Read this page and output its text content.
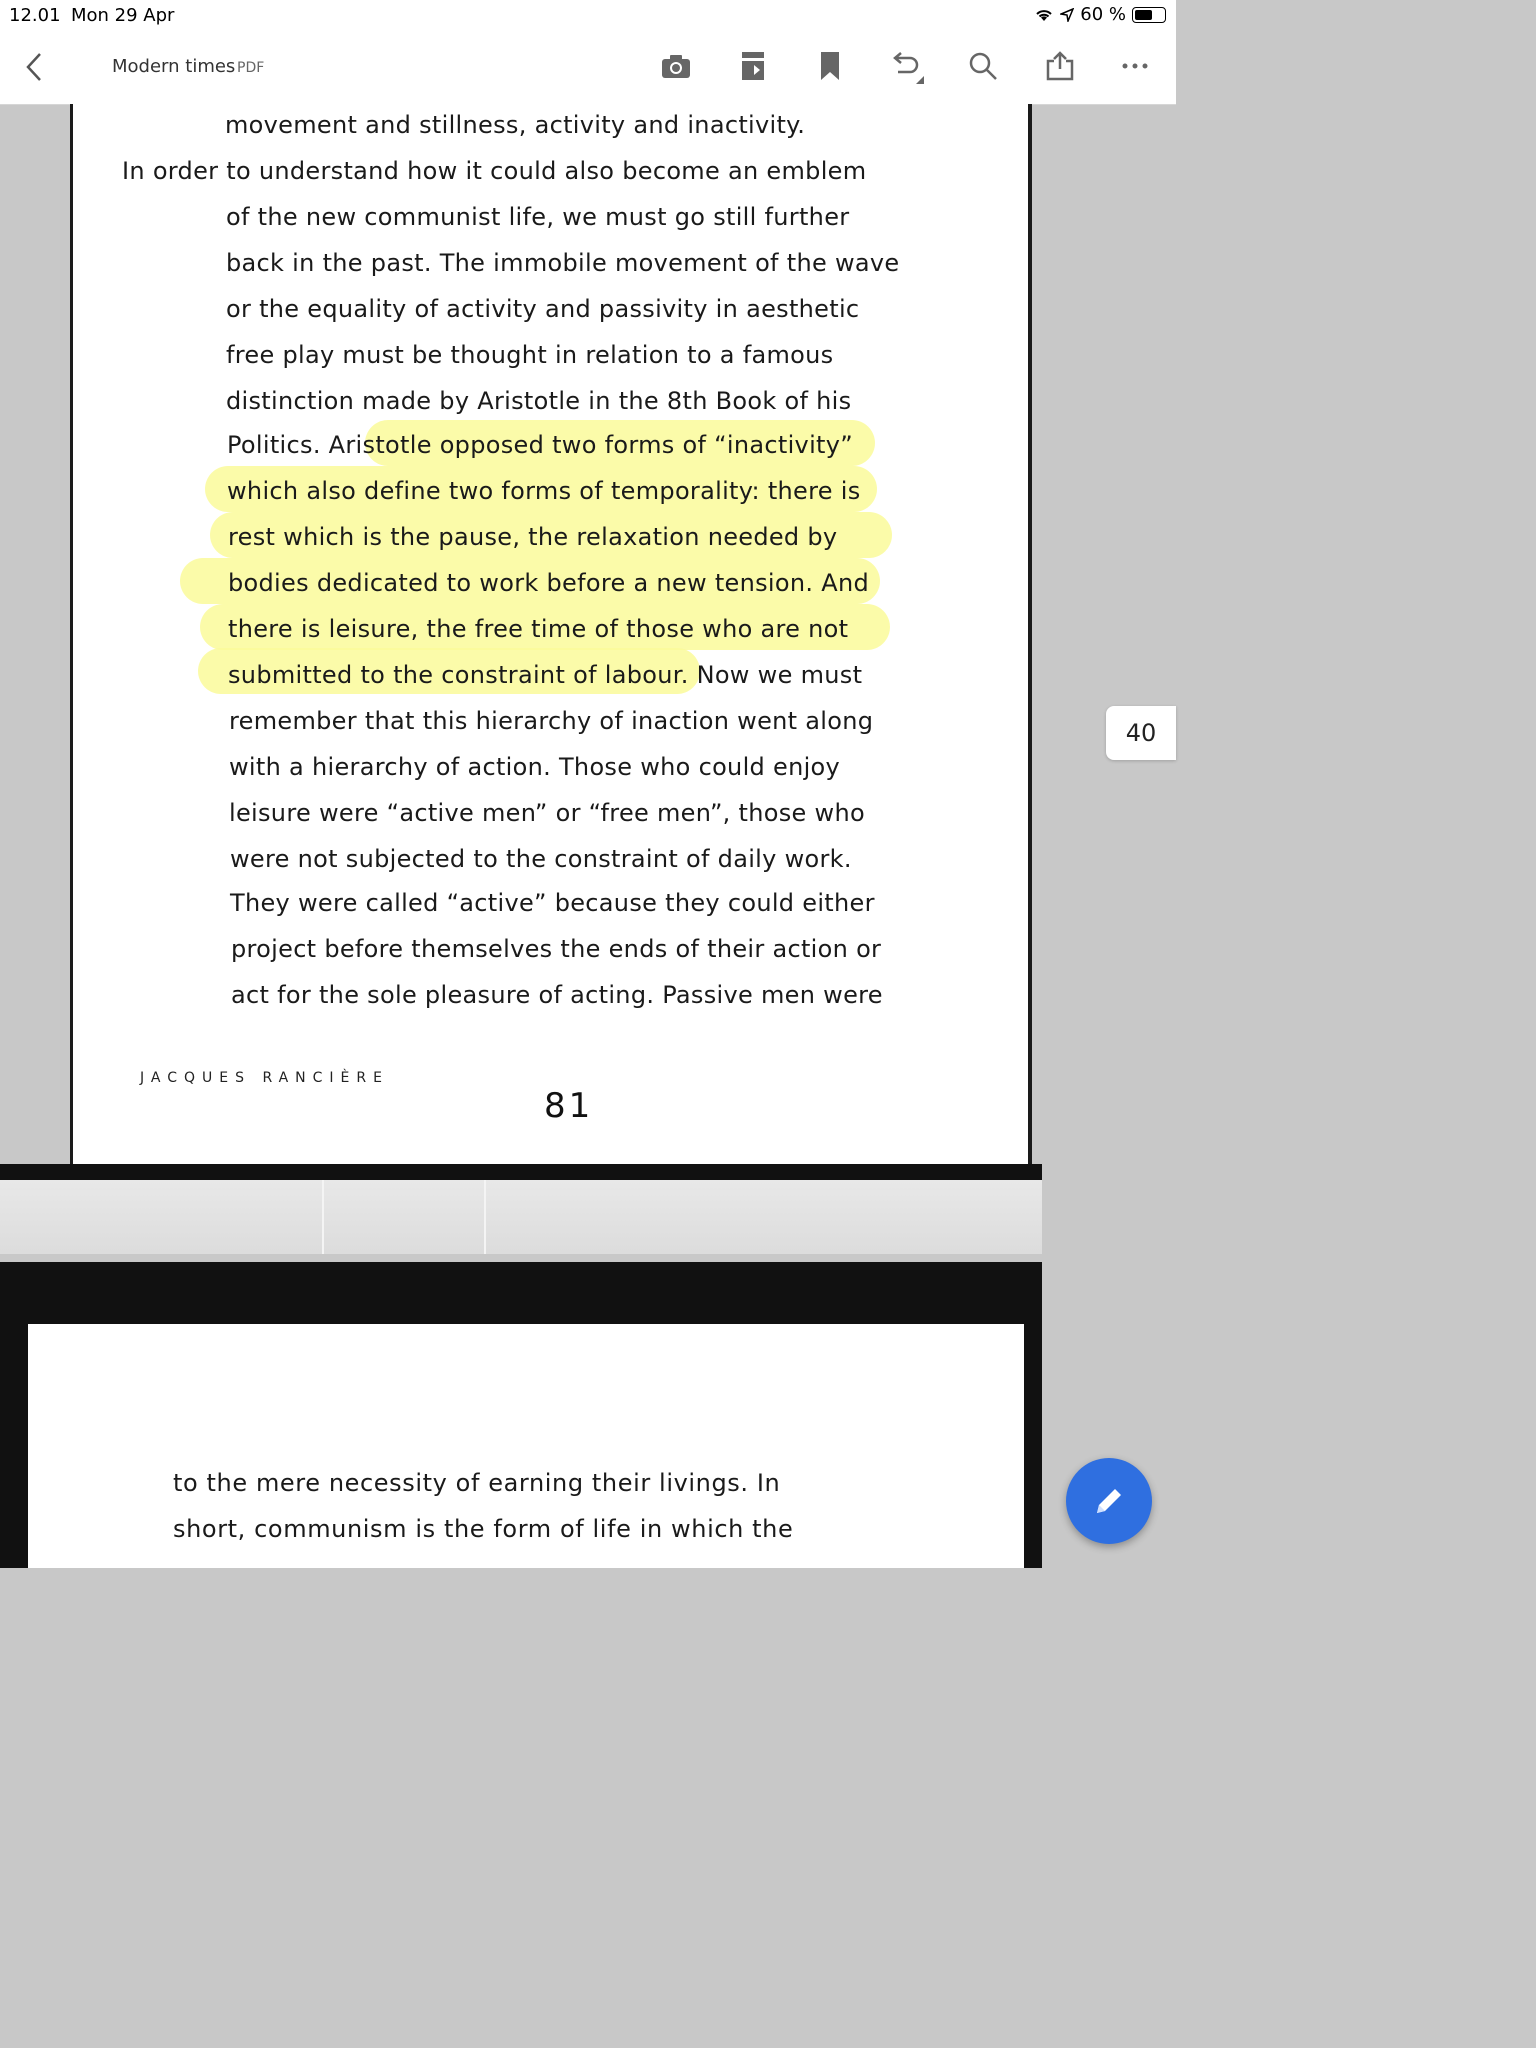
12.01 Mon 29 Apr	60 %
Modern times PDF
movement and stillness, activity and inactivity.
In order to understand how it could also become an emblem
of the new communist life, we must go still further
back in the past. The immobile movement of the wave
or the equality of activity and passivity in aesthetic
free play must be thought in relation to a famous
distinction made by Aristotle in the 8th Book of his
Politics. Aristotle opposed two forms of “inactivity”
which also define two forms of temporality: there is
rest which is the pause, the relaxation needed by
bodies dedicated to work before a new tension. And
there is leisure, the free time of those who are not
submitted to the constraint of labour. Now we must
remember that this hierarchy of inaction went along
with a hierarchy of action. Those who could enjoy
leisure were “active men” or “free men”, those who
were not subjected to the constraint of daily work.
They were called “active” because they could either
project before themselves the ends of their action or
act for the sole pleasure of acting. Passive men were
JACQUES RANCIÈRE
81
to the mere necessity of earning their livings. In
short, communism is the form of life in which the
40
